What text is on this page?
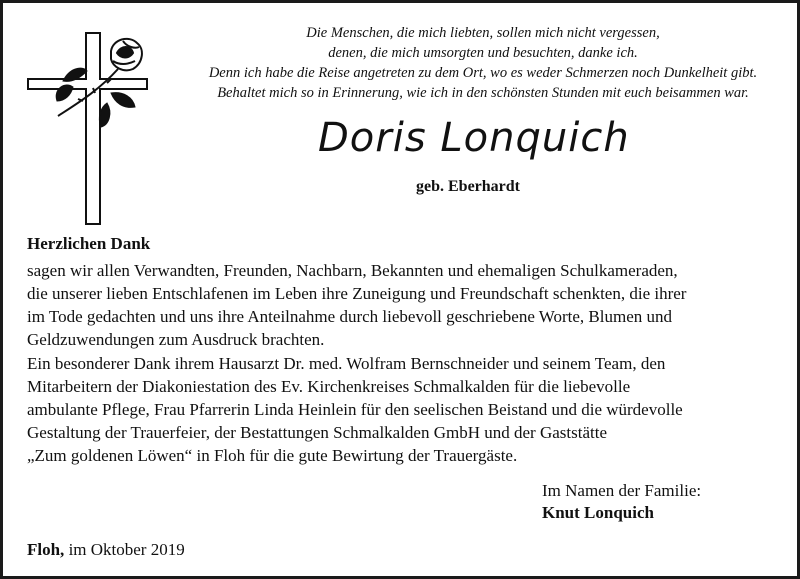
Die Menschen, die mich liebten, sollen mich nicht vergessen,
denen, die mich umsorgten und besuchten, danke ich.
Denn ich habe die Reise angetreten zu dem Ort, wo es weder Schmerzen noch Dunkelheit gibt.
Behaltet mich so in Erinnerung, wie ich in den schönsten Stunden mit euch beisammen war.
Doris Lonquich
geb. Eberhardt
Herzlichen Dank
sagen wir allen Verwandten, Freunden, Nachbarn, Bekannten und ehemaligen Schulkameraden,
die unserer lieben Entschlafenen im Leben ihre Zuneigung und Freundschaft schenkten, die ihrer
im Tode gedachten und uns ihre Anteilnahme durch liebevoll geschriebene Worte, Blumen und
Geldzuwendungen zum Ausdruck brachten.
Ein besonderer Dank ihrem Hausarzt Dr. med. Wolfram Bernschneider und seinem Team, den
Mitarbeitern der Diakoniestation des Ev. Kirchenkreises Schmalkalden für die liebevolle
ambulante Pflege, Frau Pfarrerin Linda Heinlein für den seelischen Beistand und die würdevolle
Gestaltung der Trauerfeier, der Bestattungen Schmalkalden GmbH und der Gaststätte
„Zum goldenen Löwen“ in Floh für die gute Bewirtung der Trauergäste.
Im Namen der Familie:
Knut Lonquich
Floh, im Oktober 2019
